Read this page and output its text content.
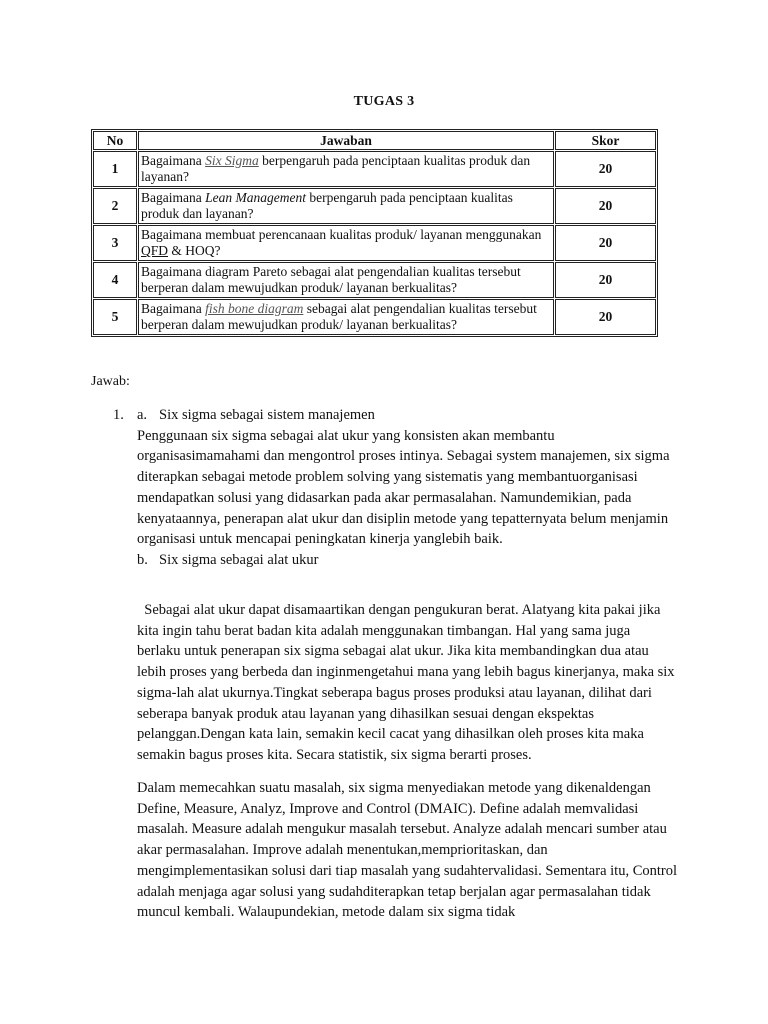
TUGAS 3
No	Jawaban	Skor
1	Bagaimana Six Sigma berpengaruh pada penciptaan kualitas produk dan layanan?	20
2	Bagaimana Lean Management berpengaruh pada penciptaan kualitas produk dan layanan?	20
3	Bagaimana membuat perencanaan kualitas produk/ layanan menggunakan QFD & HOQ?	20
4	Bagaimana diagram Pareto sebagai alat pengendalian kualitas tersebut berperan dalam mewujudkan produk/ layanan berkualitas?	20
5	Bagaimana fish bone diagram sebagai alat pengendalian kualitas tersebut berperan dalam mewujudkan produk/ layanan berkualitas?	20
Jawab:
1. a. Six sigma sebagai sistem manajemen

Penggunaan six sigma sebagai alat ukur yang konsisten akan membantu organisasimamahami dan mengontrol proses intinya. Sebagai system manajemen, six sigma diterapkan sebagai metode problem solving yang sistematis yang membantuorganisasi mendapatkan solusi yang didasarkan pada akar permasalahan. Namundemikian, pada kenyataannya, penerapan alat ukur dan disiplin metode yang tepatternyata belum menjamin organisasi untuk mencapai peningkatan kinerja yanglebih baik.

b. Six sigma sebagai alat ukur

Sebagai alat ukur dapat disamaartikan dengan pengukuran berat. Alatyang kita pakai jika kita ingin tahu berat badan kita adalah menggunakan timbangan. Hal yang sama juga berlaku untuk penerapan six sigma sebagai alat ukur. Jika kita membandingkan dua atau lebih proses yang berbeda dan inginmengetahui mana yang lebih bagus kinerjanya, maka six sigma-lah alat ukurnya.Tingkat seberapa bagus proses produksi atau layanan, dilihat dari seberapa banyak produk atau layanan yang dihasilkan sesuai dengan ekspektas pelanggan.Dengan kata lain, semakin kecil cacat yang dihasilkan oleh proses kita maka semakin bagus proses kita. Secara statistik, six sigma berarti proses.

Dalam memecahkan suatu masalah, six sigma menyediakan metode yang dikenaldengan Define, Measure, Analyz, Improve and Control (DMAIC). Define adalah memvalidasi masalah. Measure adalah mengukur masalah tersebut. Analyze adalah mencari sumber atau akar permasalahan. Improve adalah menentukan,memprioritaskan, dan mengimplementasikan solusi dari tiap masalah yang sudahtervalidasi. Sementara itu, Control adalah menjaga agar solusi yang sudahditerapkan tetap berjalan agar permasalahan tidak muncul kembali. Walaupundekian, metode dalam six sigma tidak
